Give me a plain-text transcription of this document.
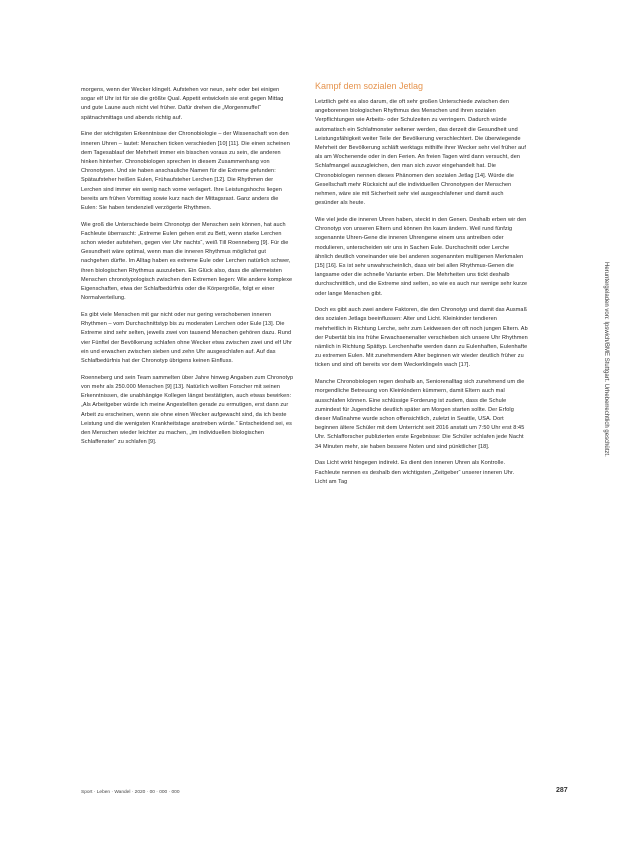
Kampf dem sozialen Jetlag

morgens, wenn der Wecker klingelt. Aufstehen vor neun, sehr oder bei einigen sogar elf Uhr ist für sie die größte Qual. Appetit entwickeln sie erst gegen Mittag und gute Laune auch nicht viel früher. Dafür drehen die „Morgenmuffel“ spätnachmittags und abends richtig auf.

Eine der wichtigsten Erkenntnisse der Chronobiologie – der Wissenschaft von den inneren Uhren – lautet: Menschen ticken verschieden [10] [11]. Die einen scheinen dem Tagesablauf der Mehrheit immer ein bisschen voraus zu sein, die anderen hinken hinterher. Chronobiologen sprechen in diesem Zusammenhang von Chronotypen. Und sie haben anschauliche Namen für die Extreme gefunden: Spätaufsteher heißen Eulen, Frühaufsteher Lerchen [12]. Die Rhythmen der Lerchen sind immer ein wenig nach vorne verlagert. Ihre Leistungshochs liegen bereits am frühen Vormittag sowie kurz nach der Mittagsrast. Ganz anders die Eulen: Sie haben tendenziell verzögerte Rhythmen.

Wie groß die Unterschiede beim Chronotyp der Menschen sein können, hat auch Fachleute überrascht: „Extreme Eulen gehen erst zu Bett, wenn starke Lerchen schon wieder aufstehen, gegen vier Uhr nachts“, weiß Till Roenneberg [9]. Für die Gesundheit wäre optimal, wenn man die inneren Rhythmus möglichst gut nachgehen dürfte. Im Alltag haben es extreme Eule oder Lerchen natürlich schwer, ihren biologischen Rhythmus auszuleben. Ein Glück also, dass die allermeisten Menschen chronotypologisch zwischen den Extremen liegen: Wie andere komplexe Eigenschaften, etwa der Schlafbedürfnis oder die Körpergröße, folgt er einer Normalverteilung.

Es gibt viele Menschen mit gar nicht oder nur gering verschobenen inneren Rhythmen – vom Durchschnittstyp bis zu moderaten Lerchen oder Eule [13]. Die Extreme sind sehr selten, jeweils zwei von tausend Menschen gehören dazu. Rund vier Fünftel der Bevölkerung schlafen ohne Wecker etwa zwischen zwei und elf Uhr ein und erwachen zwischen sieben und zehn Uhr ausgeschlafen auf. Auf das Schlafbedürfnis hat der Chronotyp übrigens keinen Einfluss.

Roenneberg und sein Team sammelten über Jahre hinweg Angaben zum Chronotyp von mehr als 250.000 Menschen [9] [13]. Natürlich wollten Forscher mit seinen Erkenntnissen, die unabhängige Kollegen längst bestätigten, auch etwas bewirken: „Als Arbeitgeber würde ich meine Angestellten gerade zu ermutigen, erst dann zur Arbeit zu erscheinen, wenn sie ohne einen Wecker aufgewacht sind, da ich beste Leistung und die wenigsten Krankheitstage anstreben würde.“ Entscheidend sei, es den Menschen wieder leichter zu machen, „im individuellen biologischen Schlaffenster“ zu schlafen [9].

Letztlich geht es also darum, die oft sehr großen Unterschiede zwischen den angeborenen biologischen Rhythmus des Menschen und ihren sozialen Verpflichtungen wie Arbeits- oder Schulzeiten zu verringern. Dadurch würde automatisch ein Schlafmonster seltener werden, das derzeit die Gesundheit und Leistungsfähigkeit weiter Teile der Bevölkerung verschlechtert. Die überwiegende Mehrheit der Bevölkerung schläft werktags mithilfe ihrer Wecker sehr viel früher auf als am Wochenende oder in den Ferien. An freien Tagen wird dann versucht, den Schlafmangel auszugleichen, den man sich zuvor eingehandelt hat. Die Chronobiologen nennen dieses Phänomen den sozialen Jetlag [14]. Würde die Gesellschaft mehr Rücksicht auf die individuellen Chronotypen der Menschen nehmen, wäre sie mit Sicherheit sehr viel ausgeschlafener und damit auch gesünder als heute.

Wie viel jede die inneren Uhren haben, steckt in den Genen. Deshalb erben wir den Chronotyp von unseren Eltern und können ihn kaum ändern. Weil rund fünfzig sogenannte Uhren-Gene die inneren Uhrengene einem uns antreiben oder modulieren, unterscheiden wir uns in Sachen Eule. Durchschnitt oder Lerche ähnlich deutlich voneinander wie bei anderen sogenannten multigenen Merkmalen [15] [16]. Es ist sehr unwahrscheinlich, dass wir bei allen Rhythmus-Genen die langsame oder die schnelle Variante erben. Die Mehrheiten uns tickt deshalb durchschnittlich, und die Extreme sind selten, so wie es auch nur wenige sehr kurze oder lange Menschen gibt.

Doch es gibt auch zwei andere Faktoren, die den Chronotyp und damit das Ausmaß des sozialen Jetlags beeinflussen: Alter und Licht. Kleinkinder tendieren mehrheitlich in Richtung Lerche, sehr zum Leidwesen der oft noch jungen Eltern. Ab der Pubertät bis ins frühe Erwachsenenalter verschieben sich unsere Uhr Rhythmen nämlich in Richtung Spättyp. Lerchenhafte werden dann zu Eulenhaften, Eulenhafte zu extremen Eulen. Mit zunehmendem Alter beginnen wir wieder deutlich früher zu ticken und sind oft bereits vor dem Weckerklingeln wach [17].

Manche Chronobiologen regen deshalb an, Seniorenalltag sich zunehmend um die morgendliche Betreuung von Kleinkindern kümmern, damit Eltern auch mal ausschlafen können. Eine schlüssige Forderung ist zudem, dass die Schule zumindest für Jugendliche deutlich später am Morgen starten sollte. Der Erfolg dieser Maßnahme wurde schon offensichtlich, zuletzt in Seattle, USA. Dort beginnen ältere Schüler mit dem Unterricht seit 2016 anstatt um 7:50 Uhr erst 8:45 Uhr. Schlafforscher publizierten erste Ergebnisse: Die Schüler schlafen jede Nacht 34 Minuten mehr, sie haben bessere Noten und sind pünktlicher [18].

Das Licht wirkt hingegen indirekt. Es dient den inneren Uhren als Kontrolle. Fachleute nennen es deshalb den wichtigsten „Zeitgeber“ unserer inneren Uhr. Licht am Tag

Heruntergeladen von: Ipswich/BME Stuttgart. Urheberrechtlich geschützt.
Sport · Leben · Wandel · 2020 · 00 · 000 · 000	287
